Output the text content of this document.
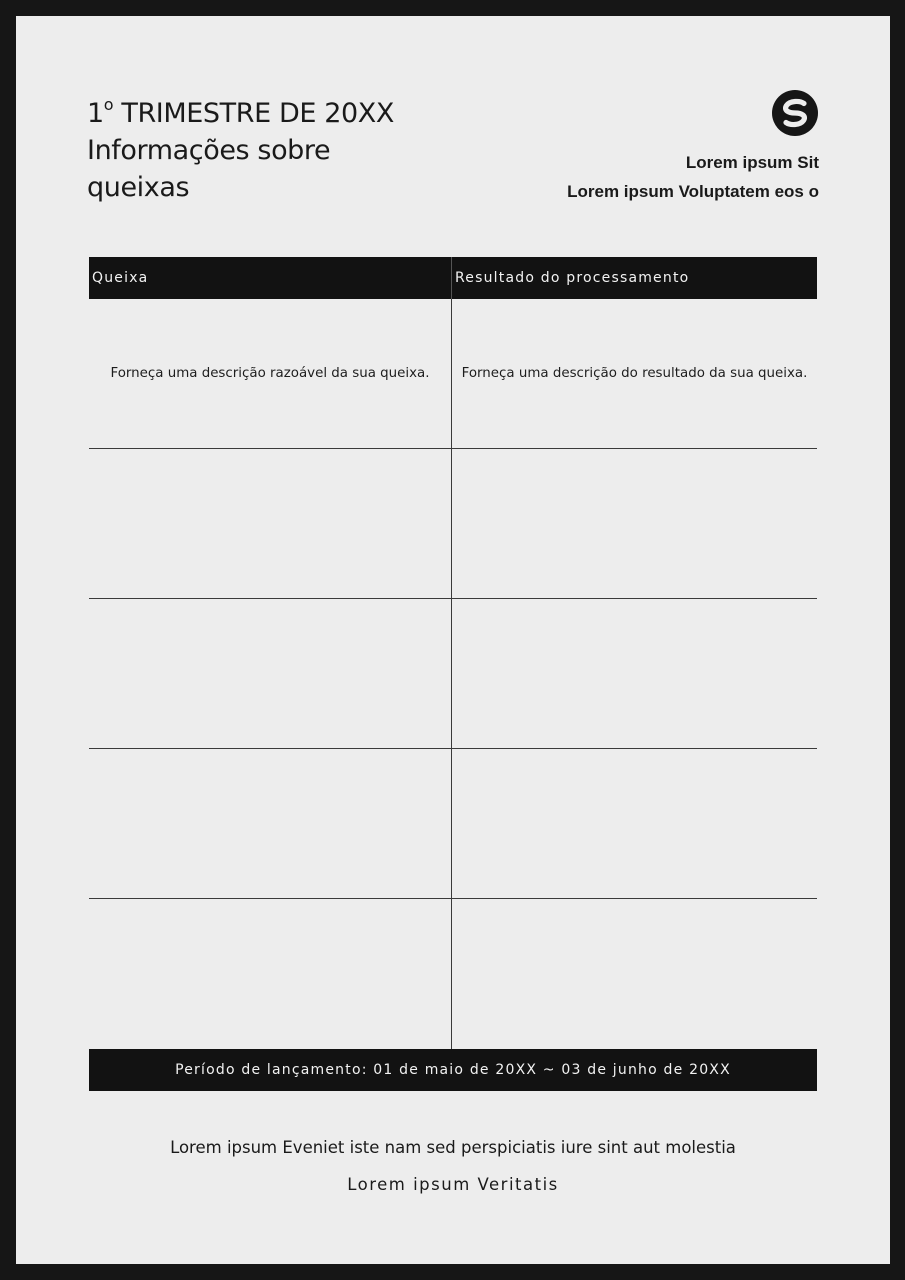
1$^o$ TRIMESTRE DE 20XX
Informações sobre
queixas
Lorem ipsum Sit
Lorem ipsum Voluptatem eos o
Queixa	Resultado do processamento
Forneça uma descrição razoável da sua queixa.	Forneça uma descrição do resultado da sua queixa.
Período de lançamento: 01 de maio de 20XX ~ 03 de junho de 20XX
Lorem ipsum Eveniet iste nam sed perspiciatis iure sint aut molestia
Lorem ipsum Veritatis
